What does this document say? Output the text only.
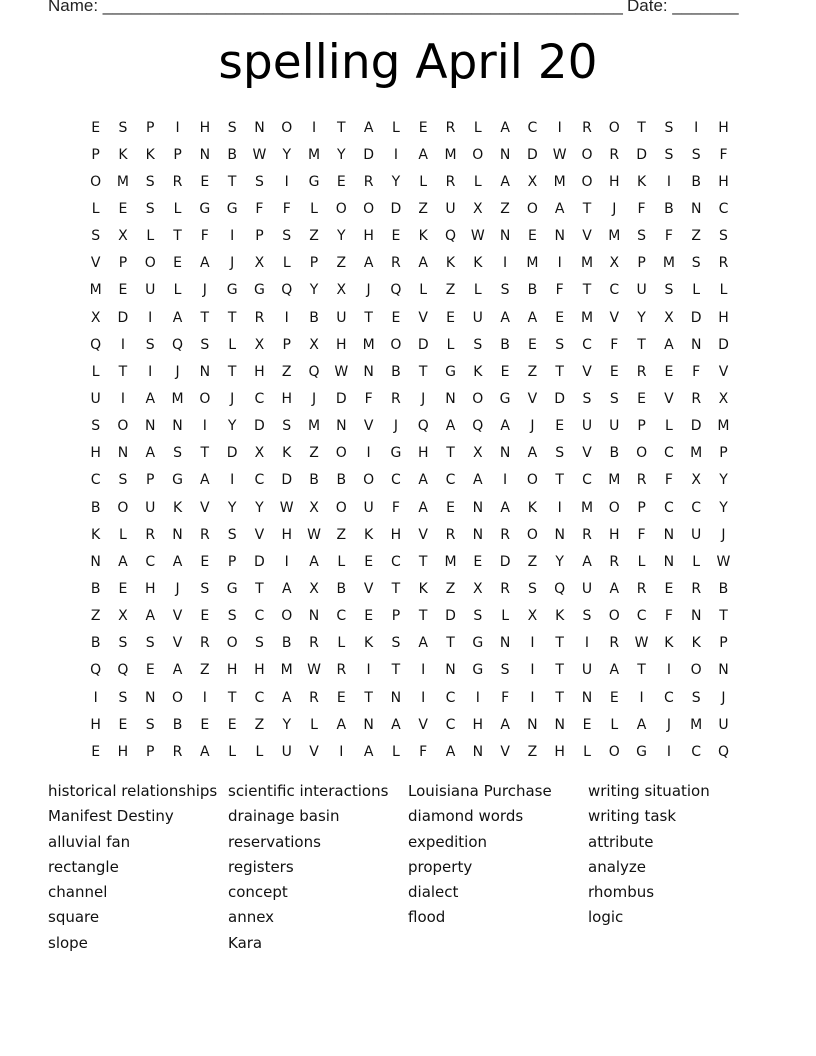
Name: _______________________________________________________ Date: _______
spelling April 20
E	S	P	I	H	S	N	O	I	T	A	L	E	R	L	A	C	I	R	O	T	S	I	H
P	K	K	P	N	B	W	Y	M	Y	D	I	A	M	O	N	D	W	O	R	D	S	S	F
O	M	S	R	E	T	S	I	G	E	R	Y	L	R	L	A	X	M	O	H	K	I	B	H
L	E	S	L	G	G	F	F	L	O	O	D	Z	U	X	Z	O	A	T	J	F	B	N	C
S	X	L	T	F	I	P	S	Z	Y	H	E	K	Q	W	N	E	N	V	M	S	F	Z	S
V	P	O	E	A	J	X	L	P	Z	A	R	A	K	K	I	M	I	M	X	P	M	S	R
M	E	U	L	J	G	G	Q	Y	X	J	Q	L	Z	L	S	B	F	T	C	U	S	L	L
X	D	I	A	T	T	R	I	B	U	T	E	V	E	U	A	A	E	M	V	Y	X	D	H
Q	I	S	Q	S	L	X	P	X	H	M	O	D	L	S	B	E	S	C	F	T	A	N	D
L	T	I	J	N	T	H	Z	Q	W	N	B	T	G	K	E	Z	T	V	E	R	E	F	V
U	I	A	M	O	J	C	H	J	D	F	R	J	N	O	G	V	D	S	S	E	V	R	X
S	O	N	N	I	Y	D	S	M	N	V	J	Q	A	Q	A	J	E	U	U	P	L	D	M
H	N	A	S	T	D	X	K	Z	O	I	G	H	T	X	N	A	S	V	B	O	C	M	P
C	S	P	G	A	I	C	D	B	B	O	C	A	C	A	I	O	T	C	M	R	F	X	Y
B	O	U	K	V	Y	Y	W	X	O	U	F	A	E	N	A	K	I	M	O	P	C	C	Y
K	L	R	N	R	S	V	H	W	Z	K	H	V	R	N	R	O	N	R	H	F	N	U	J
N	A	C	A	E	P	D	I	A	L	E	C	T	M	E	D	Z	Y	A	R	L	N	L	W
B	E	H	J	S	G	T	A	X	B	V	T	K	Z	X	R	S	Q	U	A	R	E	R	B
Z	X	A	V	E	S	C	O	N	C	E	P	T	D	S	L	X	K	S	O	C	F	N	T
B	S	S	V	R	O	S	B	R	L	K	S	A	T	G	N	I	T	I	R	W	K	K	P
Q	Q	E	A	Z	H	H	M	W	R	I	T	I	N	G	S	I	T	U	A	T	I	O	N
I	S	N	O	I	T	C	A	R	E	T	N	I	C	I	F	I	T	N	E	I	C	S	J
H	E	S	B	E	E	Z	Y	L	A	N	A	V	C	H	A	N	N	E	L	A	J	M	U
E	H	P	R	A	L	L	U	V	I	A	L	F	A	N	V	Z	H	L	O	G	I	C	Q
historical relationships
Manifest Destiny
alluvial fan
rectangle
channel
square
slope
scientific interactions
drainage basin
reservations
registers
concept
annex
Kara
Louisiana Purchase
diamond words
expedition
property
dialect
flood
writing situation
writing task
attribute
analyze
rhombus
logic
